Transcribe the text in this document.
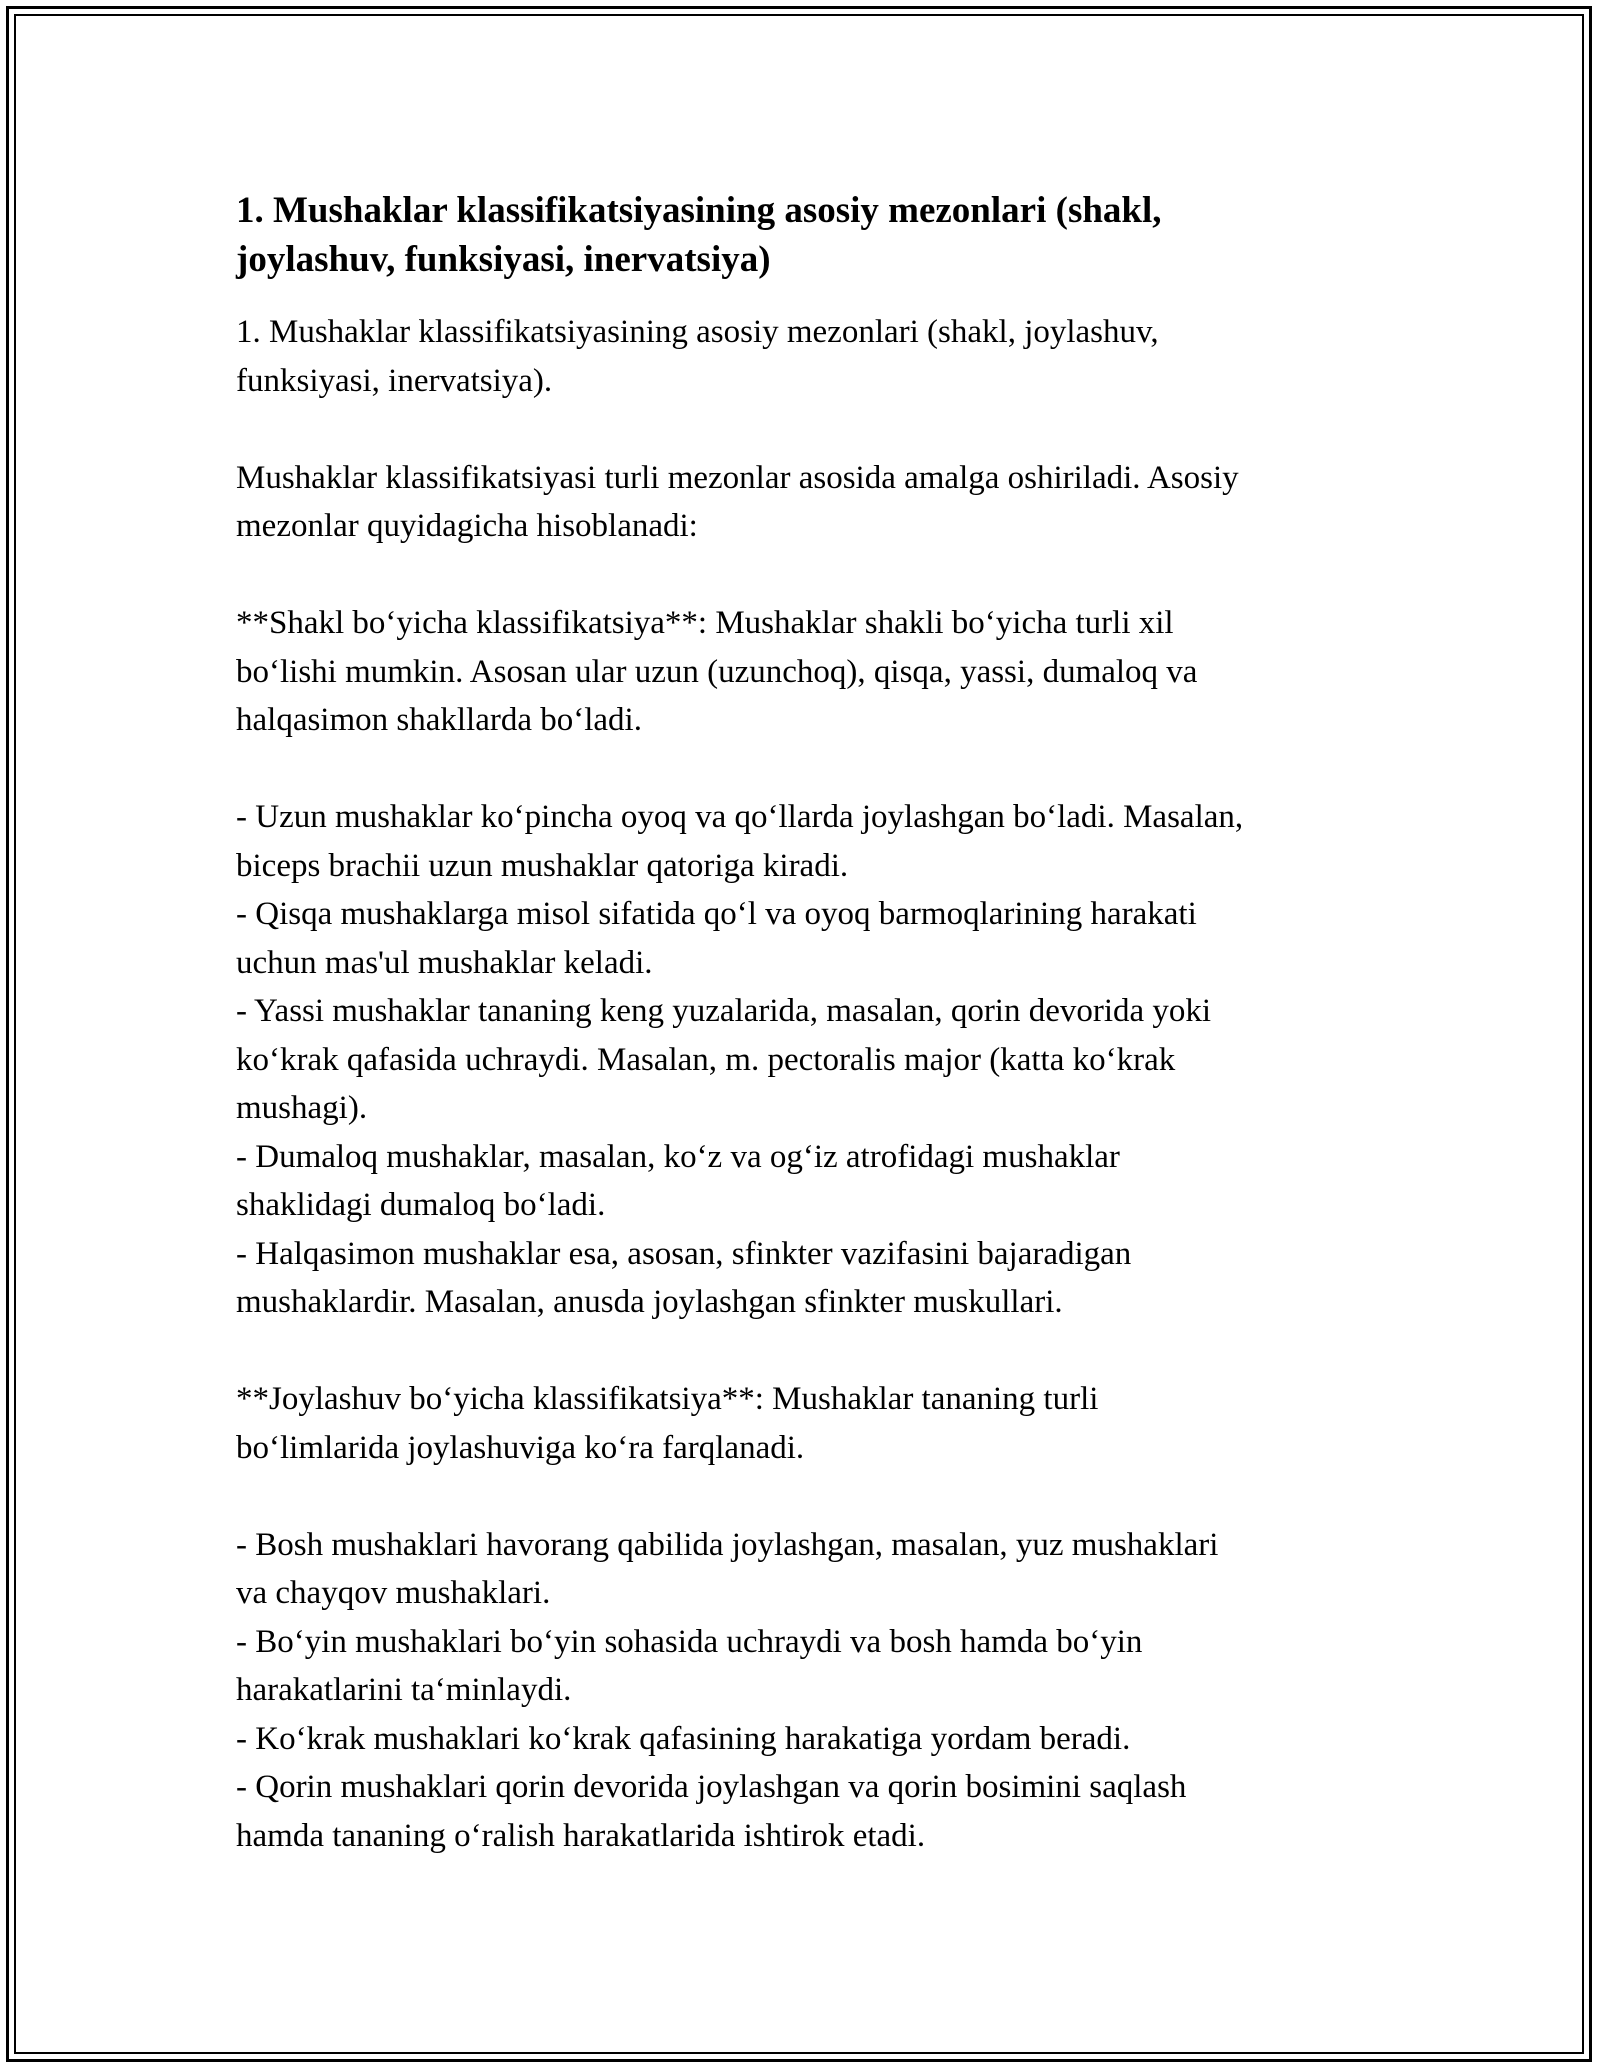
1. Mushaklar klassifikatsiyasining asosiy mezonlari (shakl,
joylashuv, funksiyasi, inervatsiya)
1. Mushaklar klassifikatsiyasining asosiy mezonlari (shakl, joylashuv,
funksiyasi, inervatsiya).
Mushaklar klassifikatsiyasi turli mezonlar asosida amalga oshiriladi. Asosiy
mezonlar quyidagicha hisoblanadi:
**Shakl bo‘yicha klassifikatsiya**: Mushaklar shakli bo‘yicha turli xil
bo‘lishi mumkin. Asosan ular uzun (uzunchoq), qisqa, yassi, dumaloq va
halqasimon shakllarda bo‘ladi.
- Uzun mushaklar ko‘pincha oyoq va qo‘llarda joylashgan bo‘ladi. Masalan,
biceps brachii uzun mushaklar qatoriga kiradi.
- Qisqa mushaklarga misol sifatida qo‘l va oyoq barmoqlarining harakati
uchun mas'ul mushaklar keladi.
- Yassi mushaklar tananing keng yuzalarida, masalan, qorin devorida yoki
ko‘krak qafasida uchraydi. Masalan, m. pectoralis major (katta ko‘krak
mushagi).
- Dumaloq mushaklar, masalan, ko‘z va og‘iz atrofidagi mushaklar
shaklidagi dumaloq bo‘ladi.
- Halqasimon mushaklar esa, asosan, sfinkter vazifasini bajaradigan
mushaklardir. Masalan, anusda joylashgan sfinkter muskullari.
**Joylashuv bo‘yicha klassifikatsiya**: Mushaklar tananing turli
bo‘limlarida joylashuviga ko‘ra farqlanadi.
- Bosh mushaklari havorang qabilida joylashgan, masalan, yuz mushaklari
va chayqov mushaklari.
- Bo‘yin mushaklari bo‘yin sohasida uchraydi va bosh hamda bo‘yin
harakatlarini ta‘minlaydi.
- Ko‘krak mushaklari ko‘krak qafasining harakatiga yordam beradi.
- Qorin mushaklari qorin devorida joylashgan va qorin bosimini saqlash
hamda tananing o‘ralish harakatlarida ishtirok etadi.
